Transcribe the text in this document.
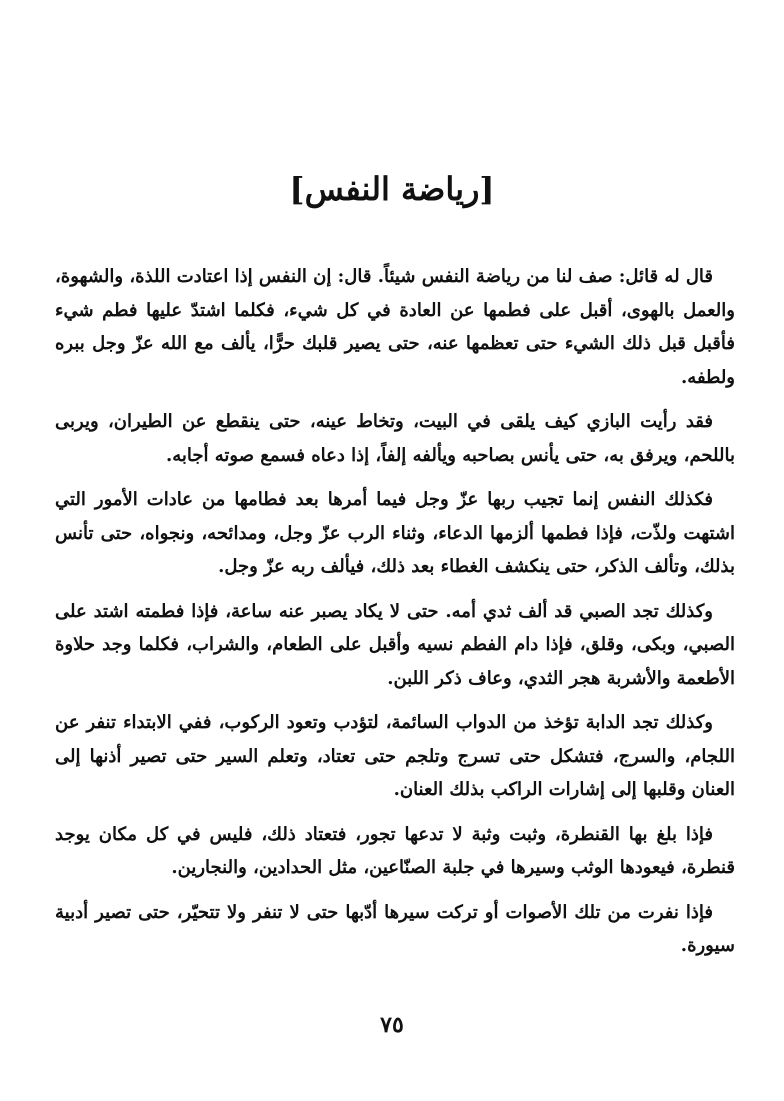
[رياضة النفس]

قال له قائل: صف لنا من رياضة النفس شيئاً. قال: إن النفس إذا اعتادت اللذة، والشهوة، والعمل بالهوى، أقبل على فطمها عن العادة في كل شيء، فكلما اشتدّ عليها فطم شيء فأقبل قبل ذلك الشيء حتى تعظمها عنه، حتى يصير قلبك حرًّا، يألف مع الله عزّ وجل ببره ولطفه.

فقد رأيت البازي كيف يلقى في البيت، وتخاط عينه، حتى ينقطع عن الطيران، ويربى باللحم، ويرفق به، حتى يأنس بصاحبه ويألفه إلفاً، إذا دعاه فسمع صوته أجابه.

فكذلك النفس إنما تجيب ربها عزّ وجل فيما أمرها بعد فطامها من عادات الأمور التي اشتهت ولذّت، فإذا فطمها ألزمها الدعاء، وثناء الرب عزّ وجل، ومدائحه، ونجواه، حتى تأنس بذلك، وتألف الذكر، حتى ينكشف الغطاء بعد ذلك، فيألف ربه عزّ وجل.

وكذلك تجد الصبي قد ألف ثدي أمه. حتى لا يكاد يصبر عنه ساعة، فإذا فطمته اشتد على الصبي، وبكى، وقلق، فإذا دام الفطم نسيه وأقبل على الطعام، والشراب، فكلما وجد حلاوة الأطعمة والأشربة هجر الثدي، وعاف ذكر اللبن.

وكذلك تجد الدابة تؤخذ من الدواب السائمة، لتؤدب وتعود الركوب، ففي الابتداء تنفر عن اللجام، والسرج، فتشكل حتى تسرج وتلجم حتى تعتاد، وتعلم السير حتى تصير أذنها إلى العنان وقلبها إلى إشارات الراكب بذلك العنان.

فإذا بلغ بها القنطرة، وثبت وثبة لا تدعها تجور، فتعتاد ذلك، فليس في كل مكان يوجد قنطرة، فيعودها الوثب وسيرها في جلبة الصنّاعين، مثل الحدادين، والنجارين.

فإذا نفرت من تلك الأصوات أو تركت سيرها أدّبها حتى لا تنفر ولا تتحيّر، حتى تصير أدبية سيورة.

٧٥
